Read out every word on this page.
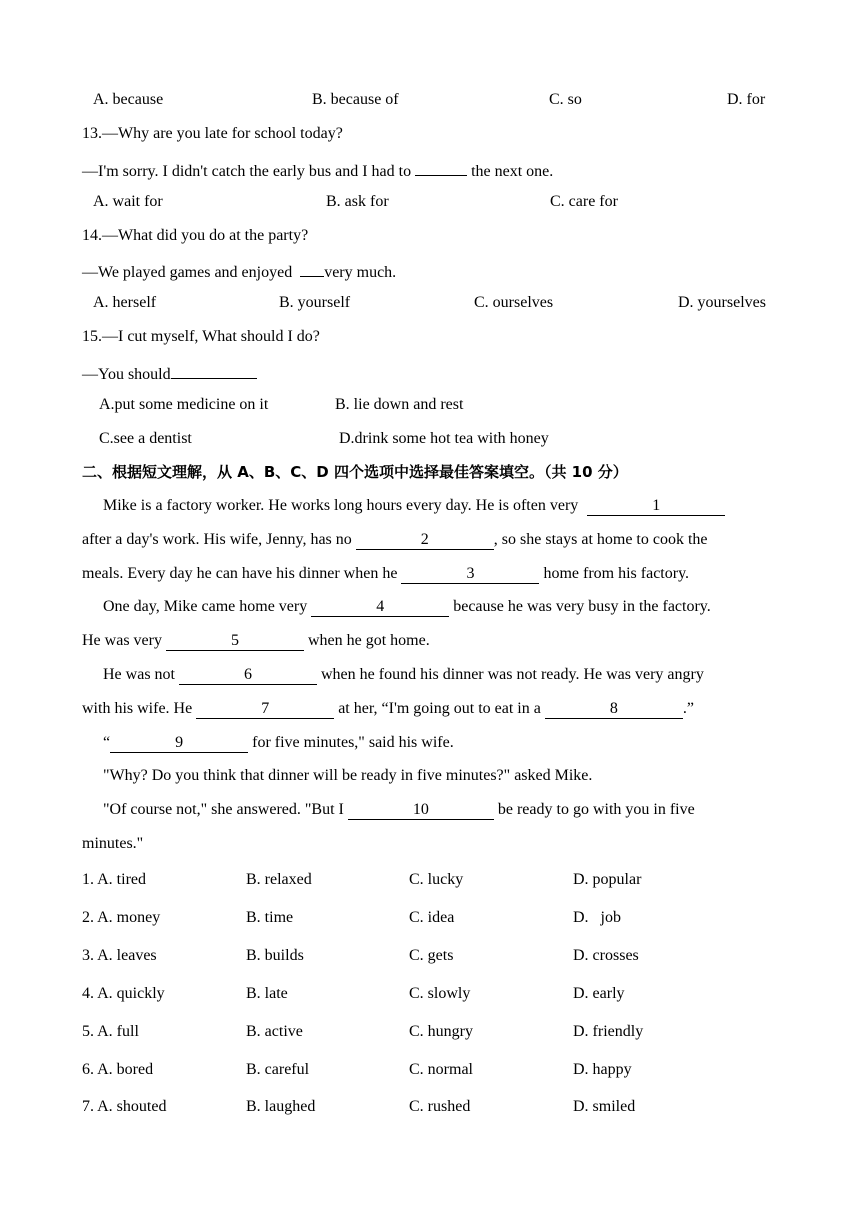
A. because	B. because of	C. so	D. for
13.—Why are you late for school today?
—I'm sorry. I didn't catch the early bus and I had to	the next one.
A. wait for	B. ask for	C. care for
14.—What did you do at the party?
—We played games and enjoyed very much.
A. herself	B. yourself	C. ourselves	D. yourselves
15.—I cut myself, What should I do?
—You should
A.put some medicine on it	B. lie down and rest
C.see a dentist	D.drink some hot tea with honey
二、根据短文理解，从 A、B、C、D 四个选项中选择最佳答案填空。（共 10 分）
Mike is a factory worker. He works long hours every day. He is often very	1
after a day's work. His wife, Jenny, has no	2	, so she stays at home to cook the
meals. Every day he can have his dinner when he	3	home from his factory.
One day, Mike came home very	4	because he was very busy in the factory.
He was very	5	when he got home.
He was not	6	when he found his dinner was not ready. He was very angry
with his wife. He	7	at her, “I'm going out to eat in a	8	.”
“	9	for five minutes," said his wife.
"Why? Do you think that dinner will be ready in five minutes?" asked Mike.
"Of course not," she answered. "But I	10	be ready to go with you in five
minutes."
1. A. tired	B. relaxed	C. lucky	D. popular
2. A. money	B. time	C. idea	D.   job
3. A. leaves	B. builds	C. gets	D. crosses
4. A. quickly	B. late	C. slowly	D. early
5. A. full	B. active	C. hungry	D. friendly
6. A. bored	B. careful	C. normal	D. happy
7. A. shouted	B. laughed	C. rushed	D. smiled
